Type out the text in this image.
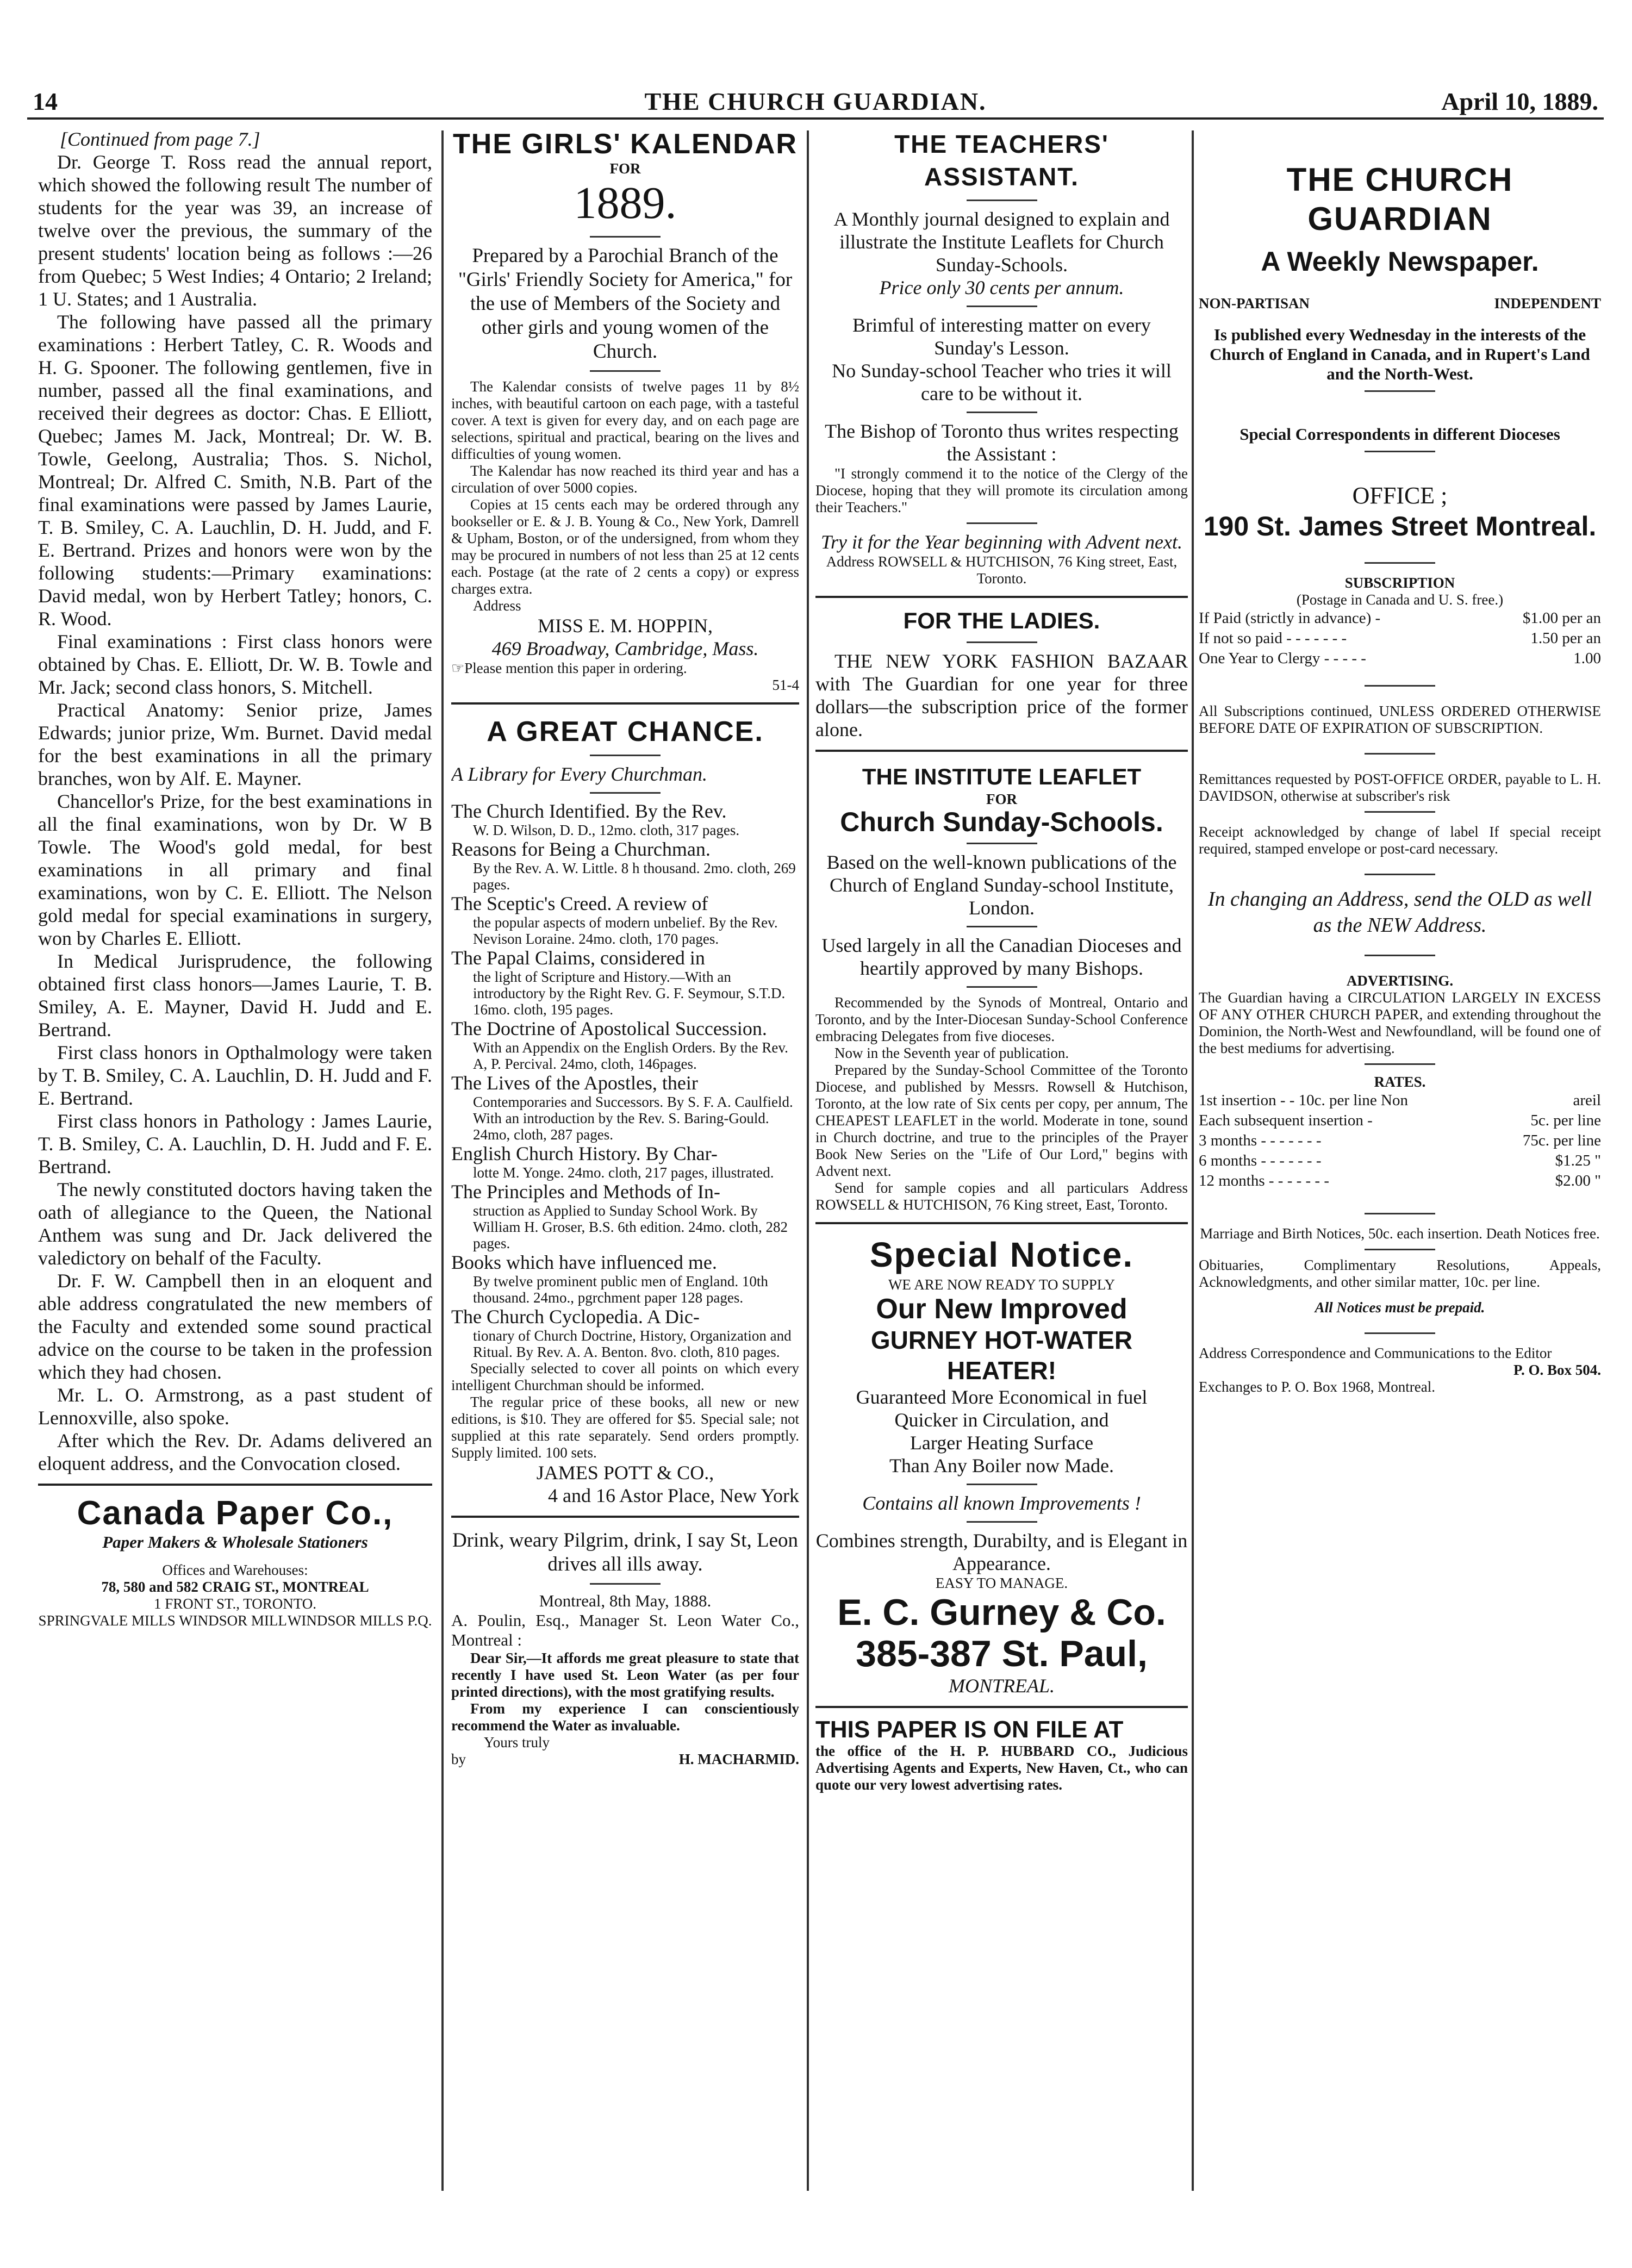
14	THE CHURCH GUARDIAN.	April 10, 1889.

[Continued from page 7.]

Dr. George T. Ross read the annual report, which showed the following result The number of students for the year was 39, an increase of twelve over the previous, the summary of the present students' location being as follows :—26 from Quebec; 5 West Indies; 4 Ontario; 2 Ireland; 1 U. States; and 1 Australia.

The following have passed all the primary examinations : Herbert Tatley, C. R. Woods and H. G. Spooner. The following gentlemen, five in number, passed all the final examinations, and received their degrees as doctor: Chas. E Elliott, Quebec; James M. Jack, Montreal; Dr. W. B. Towle, Geelong, Australia; Thos. S. Nichol, Montreal; Dr. Alfred C. Smith, N.B. Part of the final examinations were passed by James Laurie, T. B. Smiley, C. A. Lauchlin, D. H. Judd, and F. E. Bertrand. Prizes and honors were won by the following students:—Primary examinations: David medal, won by Herbert Tatley; honors, C. R. Wood.

Final examinations : First class honors were obtained by Chas. E. Elliott, Dr. W. B. Towle and Mr. Jack; second class honors, S. Mitchell.

Practical Anatomy: Senior prize, James Edwards; junior prize, Wm. Burnet. David medal for the best examinations in all the primary branches, won by Alf. E. Mayner.

Chancellor's Prize, for the best examinations in all the final examinations, won by Dr. W B Towle. The Wood's gold medal, for best examinations in all primary and final examinations, won by C. E. Elliott. The Nelson gold medal for special examinations in surgery, won by Charles E. Elliott.

In Medical Jurisprudence, the following obtained first class honors—James Laurie, T. B. Smiley, A. E. Mayner, David H. Judd and E. Bertrand.

First class honors in Opthalmology were taken by T. B. Smiley, C. A. Lauchlin, D. H. Judd and F. E. Bertrand.

First class honors in Pathology : James Laurie, T. B. Smiley, C. A. Lauchlin, D. H. Judd and F. E. Bertrand.

The newly constituted doctors having taken the oath of allegiance to the Queen, the National Anthem was sung and Dr. Jack delivered the valedictory on behalf of the Faculty.

Dr. F. W. Campbell then in an eloquent and able address congratulated the new members of the Faculty and extended some sound practical advice on the course to be taken in the profession which they had chosen.

Mr. L. O. Armstrong, as a past student of Lennoxville, also spoke.

After which the Rev. Dr. Adams delivered an eloquent address, and the Convocation closed.

Canada Paper Co.,

Paper Makers & Wholesale Stationers

Offices and Warehouses:

78, 580 and 582 CRAIG ST., MONTREAL

1 FRONT ST., TORONTO.

SPRINGVALE MILLS WINDSOR MILL WINDSOR MILLS P.Q.
THE GIRLS' KALENDAR

FOR

1889.

Prepared by a Parochial Branch of the "Girls' Friendly Society for America," for the use of Members of the Society and other girls and young women of the Church.

The Kalendar consists of twelve pages 11 by 8½ inches, with beautiful cartoon on each page, with a tasteful cover. A text is given for every day, and on each page are selections, spiritual and practical, bearing on the lives and difficulties of young women.

The Kalendar has now reached its third year and has a circulation of over 5000 copies.

Copies at 15 cents each may be ordered through any bookseller or E. & J. B. Young & Co., New York, Damrell & Upham, Boston, or of the undersigned, from whom they may be procured in numbers of not less than 25 at 12 cents each. Postage (at the rate of 2 cents a copy) or express charges extra.

Address

MISS E. M. HOPPIN,

469 Broadway, Cambridge, Mass.

☞Please mention this paper in ordering.

51-4

A GREAT CHANCE.

A Library for Every Churchman.

The Church Identified. By the Rev.

W. D. Wilson, D. D., 12mo. cloth, 317 pages.

Reasons for Being a Churchman.

By the Rev. A. W. Little. 8 h thousand. 2mo. cloth, 269 pages.

The Sceptic's Creed. A review of

the popular aspects of modern unbelief. By the Rev. Nevison Loraine. 24mo. cloth, 170 pages.

The Papal Claims, considered in

the light of Scripture and History.—With an introductory by the Right Rev. G. F. Seymour, S.T.D. 16mo. cloth, 195 pages.

The Doctrine of Apostolical Succession.

With an Appendix on the English Orders. By the Rev. A, P. Percival. 24mo, cloth, 146pages.

The Lives of the Apostles, their

Contemporaries and Successors. By S. F. A. Caulfield. With an introduction by the Rev. S. Baring-Gould. 24mo, cloth, 287 pages.

English Church History. By Char-

lotte M. Yonge. 24mo. cloth, 217 pages, illustrated.

The Principles and Methods of In-

struction as Applied to Sunday School Work. By William H. Groser, B.S. 6th edition. 24mo. cloth, 282 pages.

Books which have influenced me.

By twelve prominent public men of England. 10th thousand. 24mo., pgrchment paper 128 pages.

The Church Cyclopedia. A Dic-

tionary of Church Doctrine, History, Organization and Ritual. By Rev. A. A. Benton. 8vo. cloth, 810 pages.

Specially selected to cover all points on which every intelligent Churchman should be informed.

The regular price of these books, all new or new editions, is $10. They are offered for $5. Special sale; not supplied at this rate separately. Send orders promptly. Supply limited. 100 sets.

JAMES POTT & CO.,

4 and 16 Astor Place, New York

Drink, weary Pilgrim, drink, I say St, Leon drives all ills away.

Montreal, 8th May, 1888.

A. Poulin, Esq., Manager St. Leon Water Co., Montreal :

Dear Sir,—It affords me great pleasure to state that recently I have used St. Leon Water (as per four printed directions), with the most gratifying results.

From my experience I can conscientiously recommend the Water as invaluable.

Yours truly

by	H. MACHARMID.
THE TEACHERS' ASSISTANT.

A Monthly journal designed to explain and illustrate the Institute Leaflets for Church Sunday-Schools.

Price only 30 cents per annum.

Brimful of interesting matter on every Sunday's Lesson.

No Sunday-school Teacher who tries it will care to be without it.

The Bishop of Toronto thus writes respecting the Assistant :

"I strongly commend it to the notice of the Clergy of the Diocese, hoping that they will promote its circulation among their Teachers."

Try it for the Year beginning with Advent next.

Address ROWSELL & HUTCHISON, 76 King street, East, Toronto.

FOR THE LADIES.

THE NEW YORK FASHION BAZAAR with The Guardian for one year for three dollars—the subscription price of the former alone.

THE INSTITUTE LEAFLET

FOR

Church Sunday-Schools.

Based on the well-known publications of the Church of England Sunday-school Institute, London.

Used largely in all the Canadian Dioceses and heartily approved by many Bishops.

Recommended by the Synods of Montreal, Ontario and Toronto, and by the Inter-Diocesan Sunday-School Conference embracing Delegates from five dioceses.

Now in the Seventh year of publication.

Prepared by the Sunday-School Committee of the Toronto Diocese, and published by Messrs. Rowsell & Hutchison, Toronto, at the low rate of Six cents per copy, per annum, The CHEAPEST LEAFLET in the world. Moderate in tone, sound in Church doctrine, and true to the principles of the Prayer Book New Series on the "Life of Our Lord," begins with Advent next.

Send for sample copies and all particulars Address ROWSELL & HUTCHISON, 76 King street, East, Toronto.

Special Notice.

WE ARE NOW READY TO SUPPLY

Our New Improved
GURNEY HOT-WATER HEATER!

Guaranteed More Economical in fuel

Quicker in Circulation, and

Larger Heating Surface

Than Any Boiler now Made.

Contains all known Improvements !

Combines strength, Durabilty, and is Elegant in Appearance.

EASY TO MANAGE.

E. C. Gurney & Co.
385-387 St. Paul,

MONTREAL.

THIS PAPER IS ON FILE AT

the office of the H. P. HUBBARD CO., Judicious Advertising Agents and Experts, New Haven, Ct., who can quote our very lowest advertising rates.

THE CHURCH GUARDIAN
A Weekly Newspaper.
NON-PARTISAN	INDEPENDENT

Is published every Wednesday in the interests of the Church of England in Canada, and in Rupert's Land and the North-West.

Special Correspondents in different Dioceses

OFFICE ;

190 St. James Street Montreal.

SUBSCRIPTION

(Postage in Canada and U. S. free.)

If Paid (strictly in advance) -	$1.00 per an
If not so paid - - - - - - -	1.50 per an
One Year to Clergy - - - - -	1.00

All Subscriptions continued, UNLESS ORDERED OTHERWISE BEFORE DATE OF EXPIRATION OF SUBSCRIPTION.

Remittances requested by POST-OFFICE ORDER, payable to L. H. DAVIDSON, otherwise at subscriber's risk

Receipt acknowledged by change of label If special receipt required, stamped envelope or post-card necessary.

In changing an Address, send the OLD as well as the NEW Address.

ADVERTISING.

The Guardian having a CIRCULATION LARGELY IN EXCESS OF ANY OTHER CHURCH PAPER, and extending throughout the Dominion, the North-West and Newfoundland, will be found one of the best mediums for advertising.

RATES.

1st insertion - - 10c. per line Non	areil
Each subsequent insertion -	5c. per line
3 months - - - - - - -	75c. per line
6 months - - - - - - -	$1.25 "
12 months - - - - - - -	$2.00 "

Marriage and Birth Notices, 50c. each insertion. Death Notices free.

Obituaries, Complimentary Resolutions, Appeals, Acknowledgments, and other similar matter, 10c. per line.

All Notices must be prepaid.

Address Correspondence and Communications to the Editor

P. O. Box 504.

Exchanges to P. O. Box 1968, Montreal.
